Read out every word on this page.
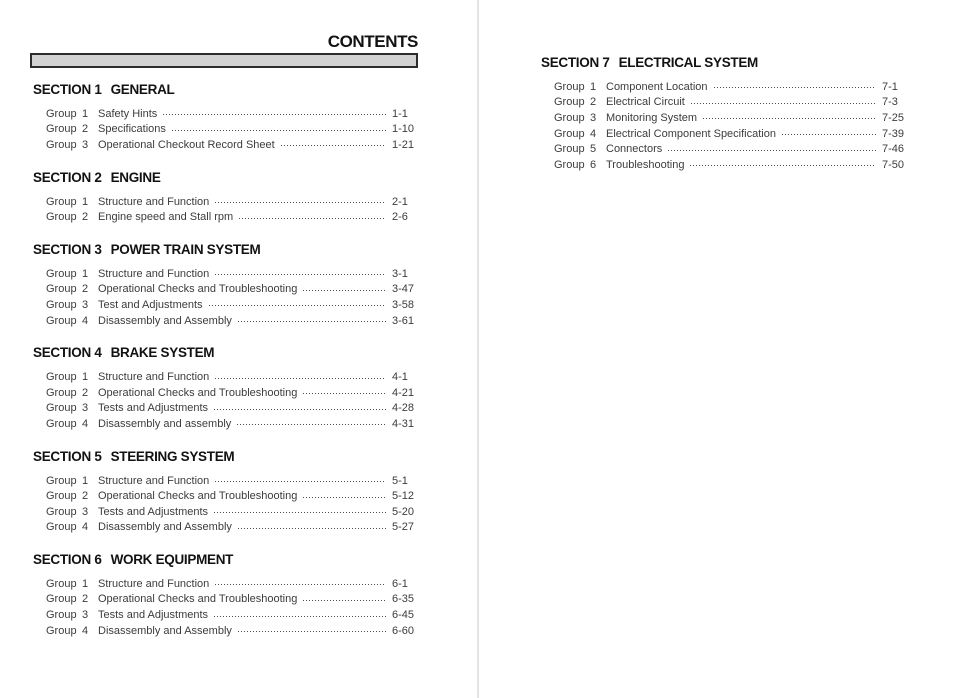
CONTENTS
SECTION 1 GENERAL
Group 1 Safety Hints	1-1
Group 2 Specifications	1-10
Group 3 Operational Checkout Record Sheet	1-21
SECTION 2 ENGINE
Group 1 Structure and Function	2-1
Group 2 Engine speed and Stall rpm	2-6
SECTION 3 POWER TRAIN SYSTEM
Group 1 Structure and Function	3-1
Group 2 Operational Checks and Troubleshooting	3-47
Group 3 Test and Adjustments	3-58
Group 4 Disassembly and Assembly	3-61
SECTION 4 BRAKE SYSTEM
Group 1 Structure and Function	4-1
Group 2 Operational Checks and Troubleshooting	4-21
Group 3 Tests and Adjustments	4-28
Group 4 Disassembly and assembly	4-31
SECTION 5 STEERING SYSTEM
Group 1 Structure and Function	5-1
Group 2 Operational Checks and Troubleshooting	5-12
Group 3 Tests and Adjustments	5-20
Group 4 Disassembly and Assembly	5-27
SECTION 6 WORK EQUIPMENT
Group 1 Structure and Function	6-1
Group 2 Operational Checks and Troubleshooting	6-35
Group 3 Tests and Adjustments	6-45
Group 4 Disassembly and Assembly	6-60
SECTION 7 ELECTRICAL SYSTEM
Group 1 Component Location	7-1
Group 2 Electrical Circuit	7-3
Group 3 Monitoring System	7-25
Group 4 Electrical Component Specification	7-39
Group 5 Connectors	7-46
Group 6 Troubleshooting	7-50
